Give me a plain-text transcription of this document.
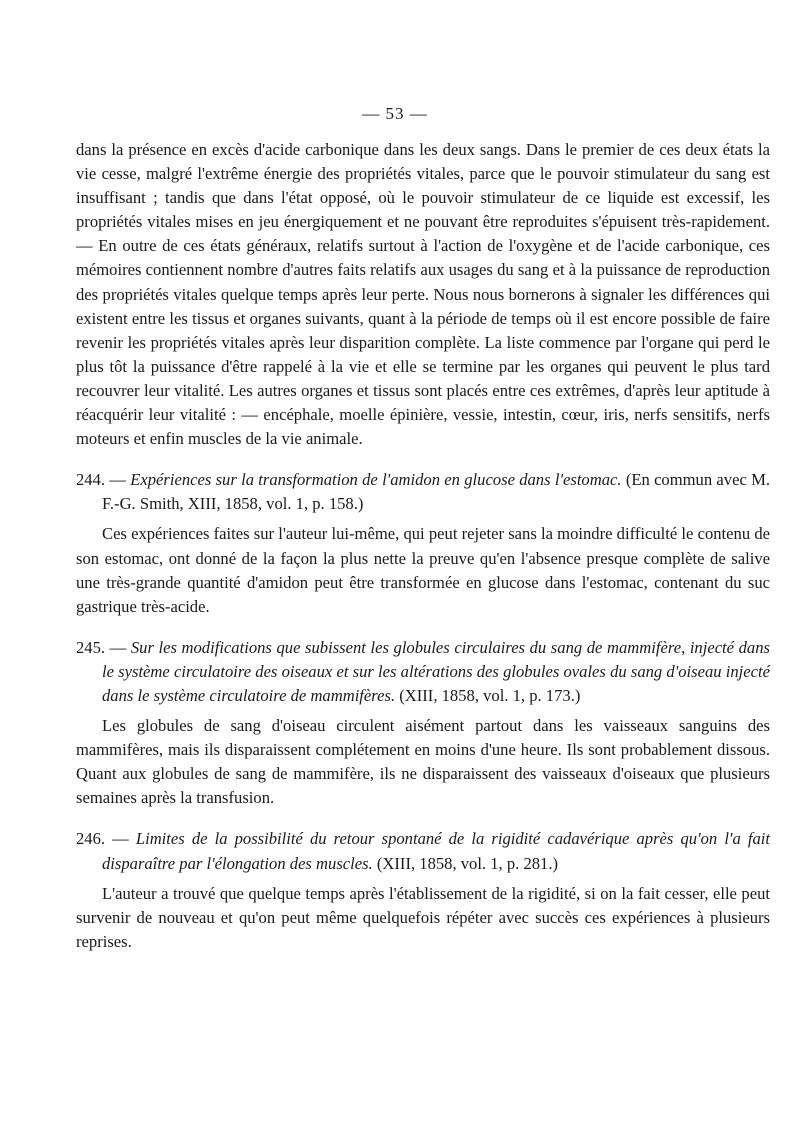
— 53 —

dans la présence en excès d'acide carbonique dans les deux sangs. Dans le premier de ces deux états la vie cesse, malgré l'extrême énergie des propriétés vitales, parce que le pouvoir stimulateur du sang est insuffisant ; tandis que dans l'état opposé, où le pouvoir stimulateur de ce liquide est excessif, les propriétés vitales mises en jeu énergiquement et ne pouvant être reproduites s'épuisent très-rapidement. — En outre de ces états généraux, relatifs surtout à l'action de l'oxygène et de l'acide carbonique, ces mémoires contiennent nombre d'autres faits relatifs aux usages du sang et à la puissance de reproduction des propriétés vitales quelque temps après leur perte. Nous nous bornerons à signaler les différences qui existent entre les tissus et organes suivants, quant à la période de temps où il est encore possible de faire revenir les propriétés vitales après leur disparition complète. La liste commence par l'organe qui perd le plus tôt la puissance d'être rappelé à la vie et elle se termine par les organes qui peuvent le plus tard recouvrer leur vitalité. Les autres organes et tissus sont placés entre ces extrêmes, d'après leur aptitude à réacquérir leur vitalité : — encéphale, moelle épinière, vessie, intestin, cœur, iris, nerfs sensitifs, nerfs moteurs et enfin muscles de la vie animale.

244. — Expériences sur la transformation de l'amidon en glucose dans l'estomac. (En commun avec M. F.-G. Smith, XIII, 1858, vol. 1, p. 158.)

Ces expériences faites sur l'auteur lui-même, qui peut rejeter sans la moindre difficulté le contenu de son estomac, ont donné de la façon la plus nette la preuve qu'en l'absence presque complète de salive une très-grande quantité d'amidon peut être transformée en glucose dans l'estomac, contenant du suc gastrique très-acide.

245. — Sur les modifications que subissent les globules circulaires du sang de mammifère, injecté dans le système circulatoire des oiseaux et sur les altérations des globules ovales du sang d'oiseau injecté dans le système circulatoire de mammifères. (XIII, 1858, vol. 1, p. 173.)

Les globules de sang d'oiseau circulent aisément partout dans les vaisseaux sanguins des mammifères, mais ils disparaissent complétement en moins d'une heure. Ils sont probablement dissous. Quant aux globules de sang de mammifère, ils ne disparaissent des vaisseaux d'oiseaux que plusieurs semaines après la transfusion.

246. — Limites de la possibilité du retour spontané de la rigidité cadavérique après qu'on l'a fait disparaître par l'élongation des muscles. (XIII, 1858, vol. 1, p. 281.)

L'auteur a trouvé que quelque temps après l'établissement de la rigidité, si on la fait cesser, elle peut survenir de nouveau et qu'on peut même quelquefois répéter avec succès ces expériences à plusieurs reprises.
